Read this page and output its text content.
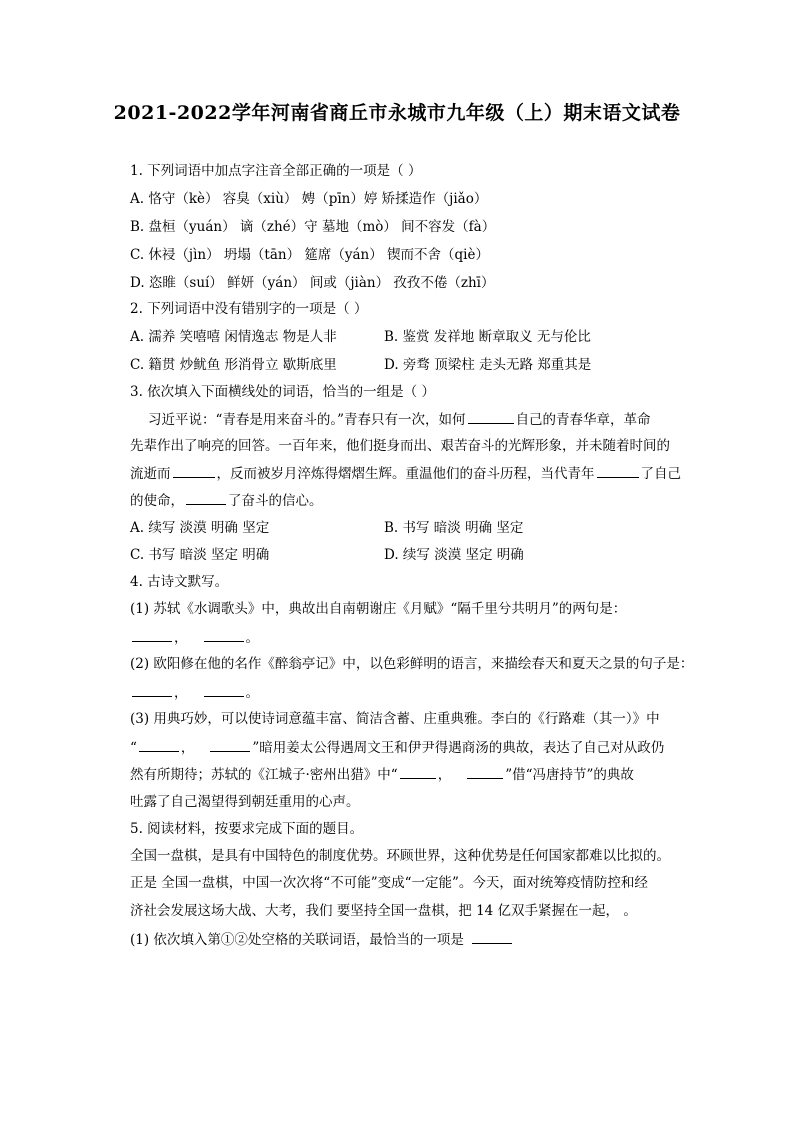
2021-2022学年河南省商丘市永城市九年级（上）期末语文试卷
1. 下列词语中加点字注音全部正确的一项是（ ）
A. 恪守（kè） 容臭（xiù） 娉（pīn）婷 矫揉造作（jiǎo）
B. 盘桓（yuán） 谪（zhé）守 墓地（mò） 间不容发（fà）
C. 休祲（jìn） 坍塌（tān） 筵席（yán） 锲而不舍（qiè）
D. 恣睢（suí） 鲜妍（yán） 间或（jiàn） 孜孜不倦（zhī）
2. 下列词语中没有错别字的一项是（ ）
A. 濡养 笑嘻嘻 闲情逸志 物是人非	B. 鉴赏 发祥地 断章取义 无与伦比
C. 籍贯 炒鱿鱼 形消骨立 歇斯底里	D. 旁骛 顶梁柱 走头无路 郑重其是
3. 依次填入下面横线处的词语，恰当的一组是（ ）
习近平说：“青春是用来奋斗的。”青春只有一次，如何	自己的青春华章，革命
先辈作出了响亮的回答。一百年来，他们挺身而出、艰苦奋斗的光辉形象，并未随着时间的
流逝而	，反而被岁月淬炼得熠熠生辉。重温他们的奋斗历程，当代青年	了自己
的使命，	了奋斗的信心。
A. 续写 淡漠 明确 坚定	B. 书写 暗淡 明确 坚定
C. 书写 暗淡 坚定 明确	D. 续写 淡漠 坚定 明确
4. 古诗文默写。
(1) 苏轼《水调歌头》中，典故出自南朝谢庄《月赋》“隔千里兮共明月”的两句是：
，	。
(2) 欧阳修在他的名作《醉翁亭记》中，以色彩鲜明的语言，来描绘春天和夏天之景的句子是：
，	。
(3) 用典巧妙，可以使诗词意蕴丰富、简洁含蓄、庄重典雅。李白的《行路难（其一）》中
“	，	”暗用姜太公得遇周文王和伊尹得遇商汤的典故，表达了自己对从政仍
然有所期待；苏轼的《江城子·密州出猎》中“	，	”借“冯唐持节”的典故
吐露了自己渴望得到朝廷重用的心声。
5. 阅读材料，按要求完成下面的题目。
全国一盘棋，是具有中国特色的制度优势。环顾世界，这种优势是任何国家都难以比拟的。
正是 全国一盘棋，中国一次次将“不可能”变成“一定能”。今天，面对统筹疫情防控和经
济社会发展这场大战、大考，我们 要坚持全国一盘棋，把 14 亿双手紧握在一起， 。
(1) 依次填入第①②处空格的关联词语，最恰当的一项是
